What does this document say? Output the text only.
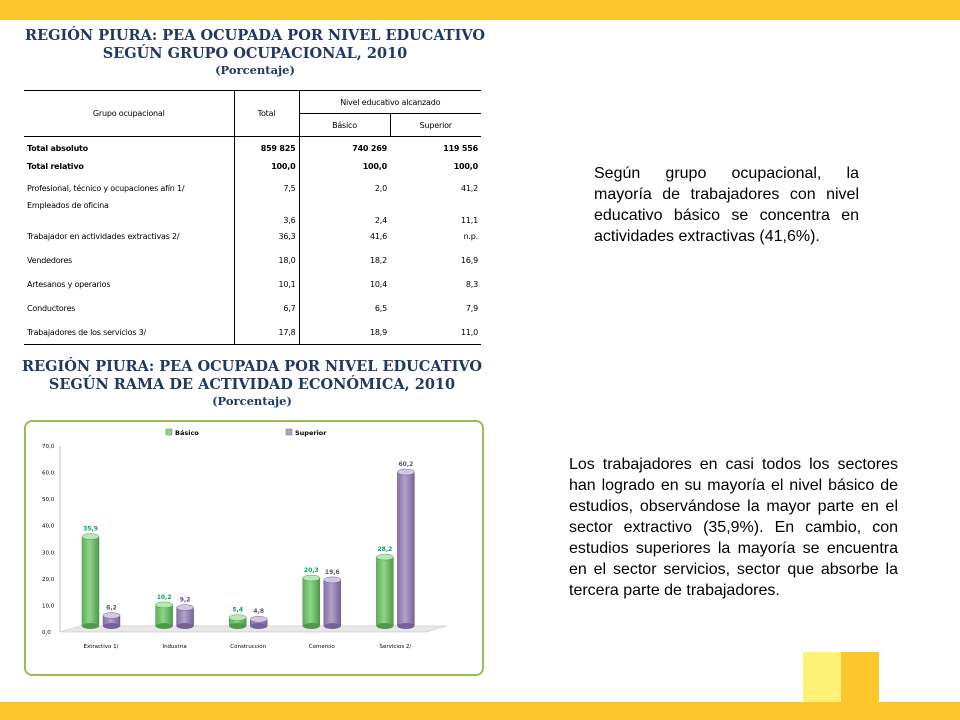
REGIÓN PIURA: PEA OCUPADA POR NIVEL EDUCATIVO
SEGÚN GRUPO OCUPACIONAL, 2010
(Porcentaje)
Grupo ocupacional	Total	Nivel educativo alcanzado	
		Básico	Superior

Total absoluto	859 825	740 269	119 556
Total relativo	100,0	100,0	100,0
Profesional, técnico y ocupaciones afín 1/	7,5	2,0	41,2
Empleados de oficina	3,6	2,4	11,1
Trabajador en actividades extractivas 2/	36,3	41,6	n.p.
Vendedores	18,0	18,2	16,9
Artesanos y operarios	10,1	10,4	8,3
Conductores	6,7	6,5	7,9
Trabajadores de los servicios 3/	17,8	18,9	11,0
REGIÓN PIURA: PEA OCUPADA POR NIVEL EDUCATIVO
SEGÚN RAMA DE ACTIVIDAD ECONÓMICA, 2010
(Porcentaje)
Básico	Superior
0,0
10,0
20,0
30,0
40,0
50,0
60,0
70,0
35,9
6,2
Extractivo 1/
10,2 9,2
Industria
5,4 4,8
Construcción
20,3 19,6
Comercio
28,2
60,2
Servicios 2/
Según grupo ocupacional, la mayoría de trabajadores con nivel educativo básico se concentra en actividades extractivas (41,6%).
Los trabajadores en casi todos los sectores han logrado en su mayoría el nivel básico de estudios, observándose la mayor parte en el sector extractivo (35,9%). En cambio, con estudios superiores la mayoría se encuentra en el sector servicios, sector que absorbe la tercera parte de trabajadores.
